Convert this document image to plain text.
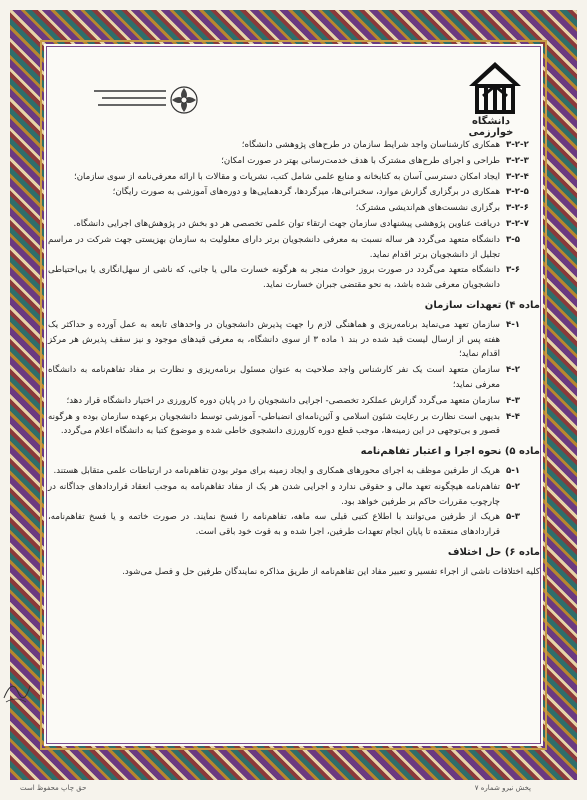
دانشگاه خوارزمی
۳-۲-۲
همکاری کارشناسان واجد شرایط سازمان در طرح‌های پژوهشی دانشگاه؛
۳-۲-۳
طراحی و اجرای طرح‌های مشترک با هدف خدمت‌رسانی بهتر در صورت امکان؛
۳-۲-۴
ایجاد امکان دسترسی آسان به کتابخانه و منابع علمی شامل کتب، نشریات و مقالات با ارائه معرفی‌نامه از سوی سازمان؛
۳-۲-۵
همکاری در برگزاری گزارش موارد، سخنرانی‌ها، میزگردها، گردهمایی‌ها و دوره‌های آموزشی به صورت رایگان؛
۳-۲-۶
برگزاری نشست‌های هم‌اندیشی مشترک؛
۳-۲-۷
دریافت عناوین پژوهشی پیشنهادی سازمان جهت ارتقاء توان علمی تخصصی هر دو بخش در پژوهش‌های اجرایی دانشگاه.
۳-۵
دانشگاه متعهد می‌گردد هر ساله نسبت به معرفی دانشجویان برتر دارای معلولیت به سازمان بهزیستی جهت شرکت در مراسم تجلیل از دانشجویان برتر اقدام نماید.
۳-۶
دانشگاه متعهد می‌گردد در صورت بروز حوادث منجر به هرگونه خسارت مالی یا جانی، که ناشی از سهل‌انگاری یا بی‌احتیاطی دانشجویان معرفی شده باشد، به نحو مقتضی جبران خسارت نماید.
ماده ۴) تعهدات سازمان
۴-۱
سازمان تعهد می‌نماید برنامه‌ریزی و هماهنگی لازم را جهت پذیرش دانشجویان در واحدهای تابعه به عمل آورده و حداکثر یک هفته پس از ارسال لیست قید شده در بند ۱ ماده ۳ از سوی دانشگاه، به معرفی قیدهای موجود و نیز سقف پذیرش هر مرکز اقدام نماید؛
۴-۲
سازمان متعهد است یک نفر کارشناس واجد صلاحیت به عنوان مسئول برنامه‌ریزی و نظارت بر مفاد تفاهم‌نامه به دانشگاه معرفی نماید؛
۴-۳
سازمان متعهد می‌گردد گزارش عملکرد تخصصی- اجرایی دانشجویان را در پایان دوره کارورزی در اختیار دانشگاه قرار دهد؛
۴-۴
بدیهی است نظارت بر رعایت شئون اسلامی و آئین‌نامه‌ای انضباطی- آموزشی توسط دانشجویان برعهده سازمان بوده و هرگونه قصور و بی‌توجهی در این زمینه‌ها، موجب قطع دوره کارورزی دانشجوی خاطی شده و موضوع کتبا به دانشگاه اعلام می‌گردد.
ماده ۵) نحوه اجرا و اعتبار تفاهم‌نامه
۵-۱
هریک از طرفین موظف به اجرای محورهای همکاری و ایجاد زمینه برای موثر بودن تفاهم‌نامه در ارتباطات علمی متقابل هستند.
۵-۲
تفاهم‌نامه هیچگونه تعهد مالی و حقوقی ندارد و اجرایی شدن هر یک از مفاد تفاهم‌نامه به موجب انعقاد قراردادهای جداگانه در چارچوب مقررات حاکم بر طرفین خواهد بود.
۵-۳
هریک از طرفین می‌توانند با اطلاع کتبی قبلی سه ماهه، تفاهم‌نامه را فسخ نمایند. در صورت خاتمه و یا فسخ تفاهم‌نامه، قراردادهای منعقده تا پایان انجام تعهدات طرفین، اجرا شده و به قوت خود باقی است.
ماده ۶) حل اختلاف

کلیه اختلافات ناشی از اجراء تفسیر و تعبیر مفاد این تفاهم‌نامه از طریق مذاکره نمایندگان طرفین حل و فصل می‌شود.

پخش نیرو شماره ۷
حق چاپ محفوظ است
